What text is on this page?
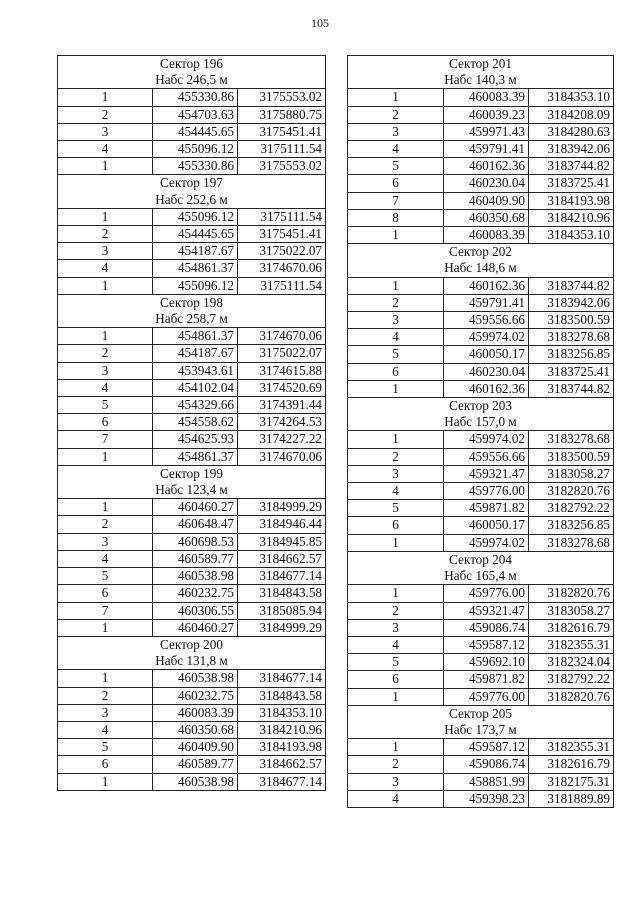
105
Сектор 196		
Набс 246,5 м		
1	455330.86	3175553.02
2	454703.63	3175880.75
3	454445.65	3175451.41
4	455096.12	3175111.54
1	455330.86	3175553.02
Сектор 197		
Набс 252,6 м		
1	455096.12	3175111.54
2	454445.65	3175451.41
3	454187.67	3175022.07
4	454861.37	3174670.06
1	455096.12	3175111.54
Сектор 198		
Набс 258,7 м		
1	454861.37	3174670.06
2	454187.67	3175022.07
3	453943.61	3174615.88
4	454102.04	3174520.69
5	454329.66	3174391.44
6	454558.62	3174264.53
7	454625.93	3174227.22
1	454861.37	3174670.06
Сектор 199		
Набс 123,4 м		
1	460460.27	3184999.29
2	460648.47	3184946.44
3	460698.53	3184945.85
4	460589.77	3184662.57
5	460538.98	3184677.14
6	460232.75	3184843.58
7	460306.55	3185085.94
1	460460.27	3184999.29
Сектор 200		
Набс 131,8 м		
1	460538.98	3184677.14
2	460232.75	3184843.58
3	460083.39	3184353.10
4	460350.68	3184210.96
5	460409.90	3184193.98
6	460589.77	3184662.57
1	460538.98	3184677.14
Сектор 201		
Набс 140,3 м		
1	460083.39	3184353.10
2	460039.23	3184208.09
3	459971.43	3184280.63
4	459791.41	3183942.06
5	460162.36	3183744.82
6	460230.04	3183725.41
7	460409.90	3184193.98
8	460350.68	3184210.96
1	460083.39	3184353.10
Сектор 202		
Набс 148,6 м		
1	460162.36	3183744.82
2	459791.41	3183942.06
3	459556.66	3183500.59
4	459974.02	3183278.68
5	460050.17	3183256.85
6	460230.04	3183725.41
1	460162.36	3183744.82
Сектор 203		
Набс 157,0 м		
1	459974.02	3183278.68
2	459556.66	3183500.59
3	459321.47	3183058.27
4	459776.00	3182820.76
5	459871.82	3182792.22
6	460050.17	3183256.85
1	459974.02	3183278.68
Сектор 204		
Набс 165,4 м		
1	459776.00	3182820.76
2	459321.47	3183058.27
3	459086.74	3182616.79
4	459587.12	3182355.31
5	459692.10	3182324.04
6	459871.82	3182792.22
1	459776.00	3182820.76
Сектор 205		
Набс 173,7 м		
1	459587.12	3182355.31
2	459086.74	3182616.79
3	458851.99	3182175.31
4	459398.23	3181889.89
